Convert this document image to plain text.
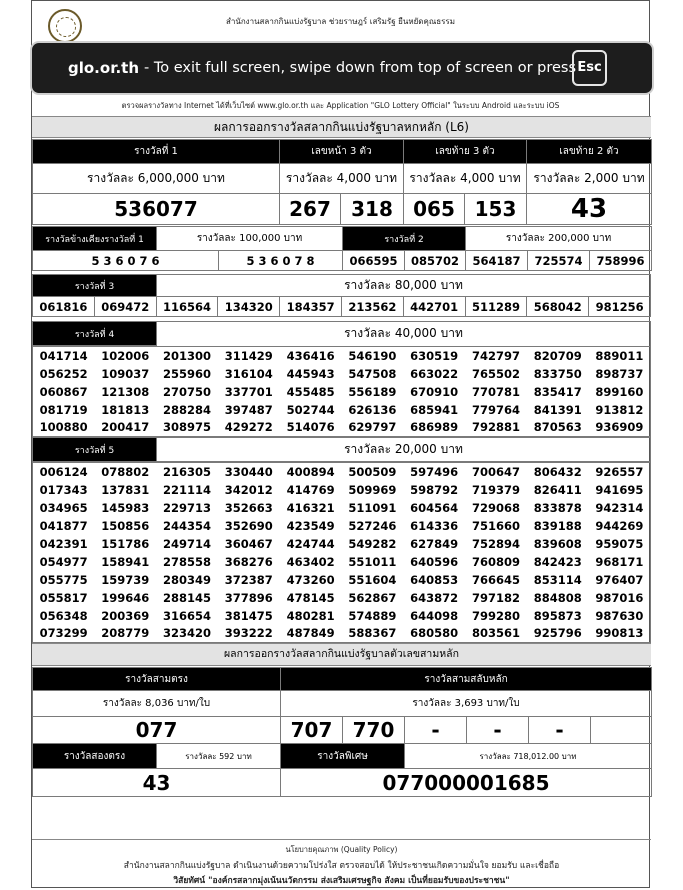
สำนักงานสลากกินแบ่งรัฐบาล ช่วยราษฎร์ เสริมรัฐ ยืนหยัดคุณธรรม
ตรวจผลรางวัลทาง Internet ได้ที่เว็บไซต์ www.glo.or.th และ Application "GLO Lottery Official" ในระบบ Android และระบบ iOS
ผลการออกรางวัลสลากกินแบ่งรัฐบาลหกหลัก (L6)
รางวัลที่ 1	เลขหน้า 3 ตัว		เลขท้าย 3 ตัว		เลขท้าย 2 ตัว
รางวัลละ 6,000,000 บาท	รางวัลละ 4,000 บาท		รางวัลละ 4,000 บาท		รางวัลละ 2,000 บาท
536077	267	318	065	153	43
รางวัลข้างเคียงรางวัลที่ 1	รางวัลละ 100,000 บาท		รางวัลที่ 2		รางวัลละ 200,000 บาท		
5 3 6 0 7 6		5 3 6 0 7 8	066595	085702	564187	725574	758996
รางวัลที่ 3	รางวัลละ 80,000 บาท
061816	069472	116564	134320	184357	213562	442701	511289	568042	981256
รางวัลที่ 4	รางวัลละ 40,000 บาท
041714	102006	201300	311429	436416	546190	630519	742797	820709	889011
056252	109037	255960	316104	445943	547508	663022	765502	833750	898737
060867	121308	270750	337701	455485	556189	670910	770781	835417	899160
081719	181813	288284	397487	502744	626136	685941	779764	841391	913812
100880	200417	308975	429272	514076	629797	686989	792881	870563	936909
รางวัลที่ 5	รางวัลละ 20,000 บาท
006124	078802	216305	330440	400894	500509	597496	700647	806432	926557
017343	137831	221114	342012	414769	509969	598792	719379	826411	941695
034965	145983	229713	352663	416321	511091	604564	729068	833878	942314
041877	150856	244354	352690	423549	527246	614336	751660	839188	944269
042391	151786	249714	360467	424744	549282	627849	752894	839608	959075
054977	158941	278558	368276	463402	551011	640596	760809	842423	968171
055775	159739	280349	372387	473260	551604	640853	766645	853114	976407
055817	199646	288145	377896	478145	562867	643872	797182	884808	987016
056348	200369	316654	381475	480281	574889	644098	799280	895873	987630
073299	208779	323420	393222	487849	588367	680580	803561	925796	990813
ผลการออกรางวัลสลากกินแบ่งรัฐบาลตัวเลขสามหลัก
รางวัลสามตรง		รางวัลสามสลับหลัก					
รางวัลละ 8,036 บาท/ใบ		รางวัลละ 3,693 บาท/ใบ					
077		707	770	-	-	-	
รางวัลสองตรง	รางวัลละ 592 บาท	รางวัลพิเศษ		รางวัลละ 718,012.00 บาท			
43		077000001685					
นโยบายคุณภาพ (Quality Policy)
สำนักงานสลากกินแบ่งรัฐบาล ดำเนินงานด้วยความโปร่งใส ตรวจสอบได้ ให้ประชาชนเกิดความมั่นใจ ยอมรับ และเชื่อถือ
วิสัยทัศน์ "องค์กรสลากมุ่งเน้นนวัตกรรม ส่งเสริมเศรษฐกิจ สังคม เป็นที่ยอมรับของประชาชน"
glo.or.th - To exit full screen, swipe down from top of screen or press Esc
